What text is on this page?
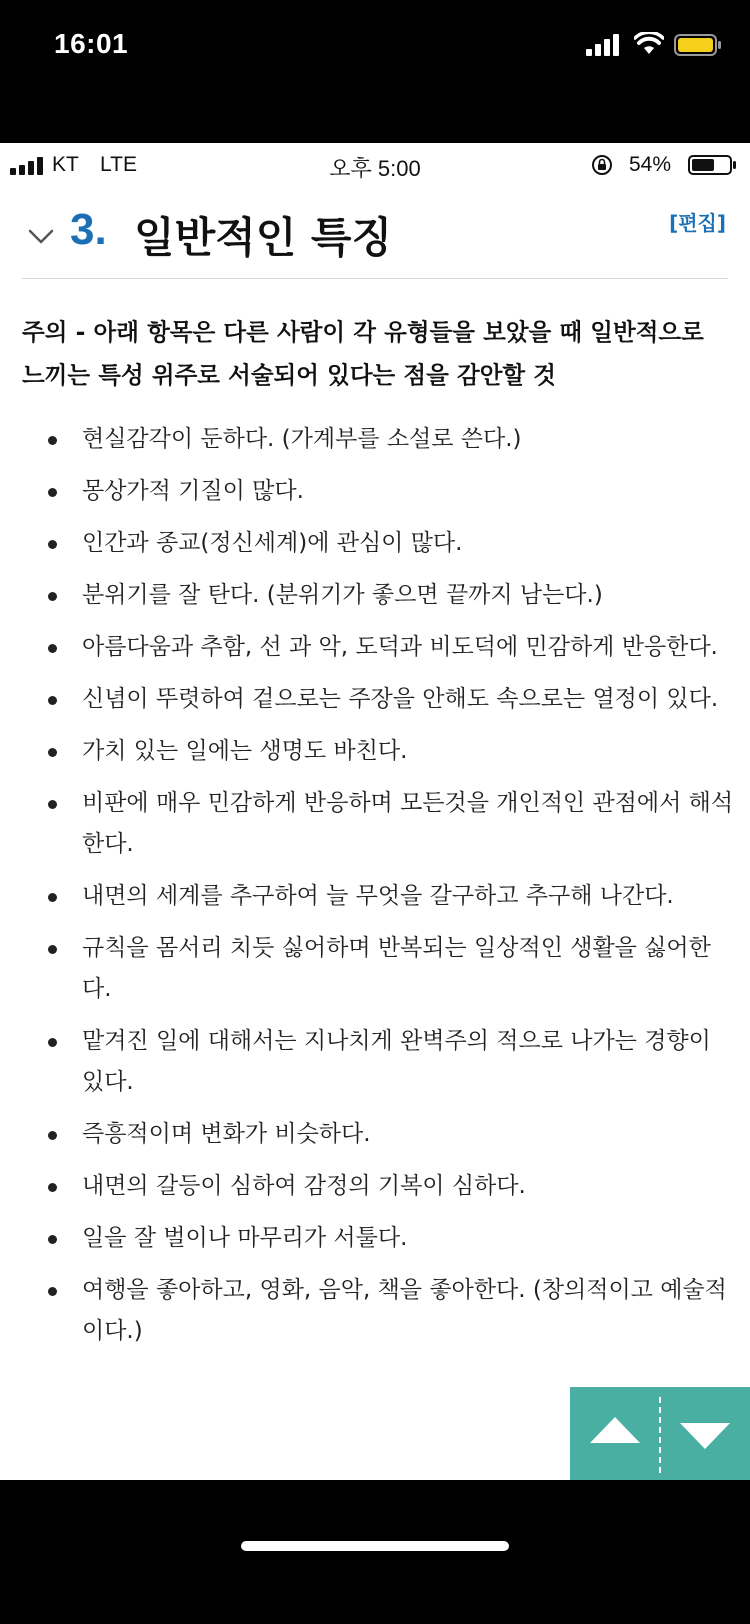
16:01
KT LTE	오후 5:00	54%
3. 일반적인 특징	[편집]

주의 - 아래 항목은 다른 사람이 각 유형들을 보았을 때 일반적으로 느끼는 특성 위주로 서술되어 있다는 점을 감안할 것

현실감각이 둔하다. (가계부를 소설로 쓴다.)
몽상가적 기질이 많다.
인간과 종교(정신세계)에 관심이 많다.
분위기를 잘 탄다. (분위기가 좋으면 끝까지 남는다.)
아름다움과 추함, 선 과 악, 도덕과 비도덕에 민감하게 반응한다.
신념이 뚜렷하여 겉으로는 주장을 안해도 속으로는 열정이 있다.
가치 있는 일에는 생명도 바친다.
비판에 매우 민감하게 반응하며 모든것을 개인적인 관점에서 해석한다.
내면의 세계를 추구하여 늘 무엇을 갈구하고 추구해 나간다.
규칙을 몸서리 치듯 싫어하며 반복되는 일상적인 생활을 싫어한다.
맡겨진 일에 대해서는 지나치게 완벽주의 적으로 나가는 경향이 있다.
즉흥적이며 변화가 비슷하다.
내면의 갈등이 심하여 감정의 기복이 심하다.
일을 잘 벌이나 마무리가 서툴다.
여행을 좋아하고, 영화, 음악, 책을 좋아한다. (창의적이고 예술적이다.)
